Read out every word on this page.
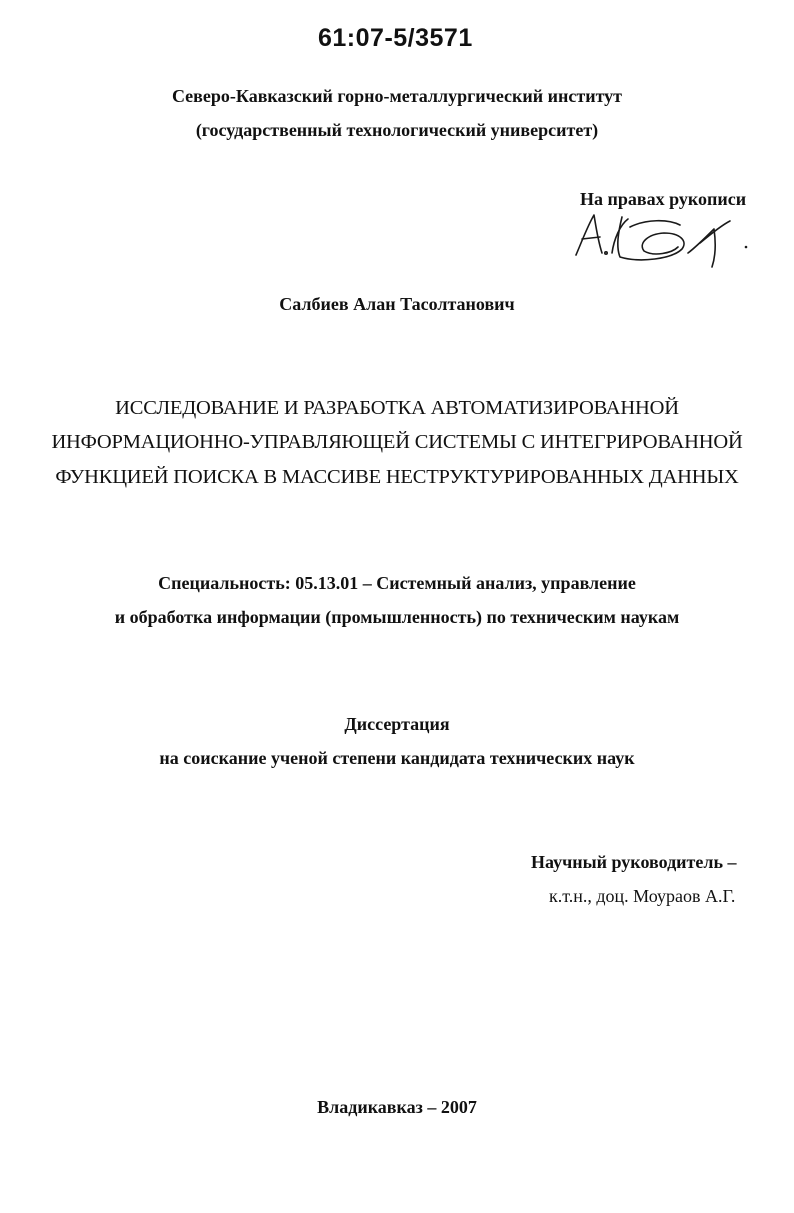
61:07-5/3571
Северо-Кавказский горно-металлургический институт
(государственный технологический университет)
На правах рукописи
Салбиев Алан Тасолтанович
ИССЛЕДОВАНИЕ И РАЗРАБОТКА АВТОМАТИЗИРОВАННОЙ
ИНФОРМАЦИОННО-УПРАВЛЯЮЩЕЙ СИСТЕМЫ С ИНТЕГРИРОВАННОЙ
ФУНКЦИЕЙ ПОИСКА В МАССИВЕ НЕСТРУКТУРИРОВАННЫХ ДАННЫХ
Специальность: 05.13.01 – Системный анализ, управление
и обработка информации (промышленность) по техническим наукам
Диссертация
на соискание ученой степени кандидата технических наук
Научный руководитель –
к.т.н., доц. Моураов А.Г.
Владикавказ – 2007
